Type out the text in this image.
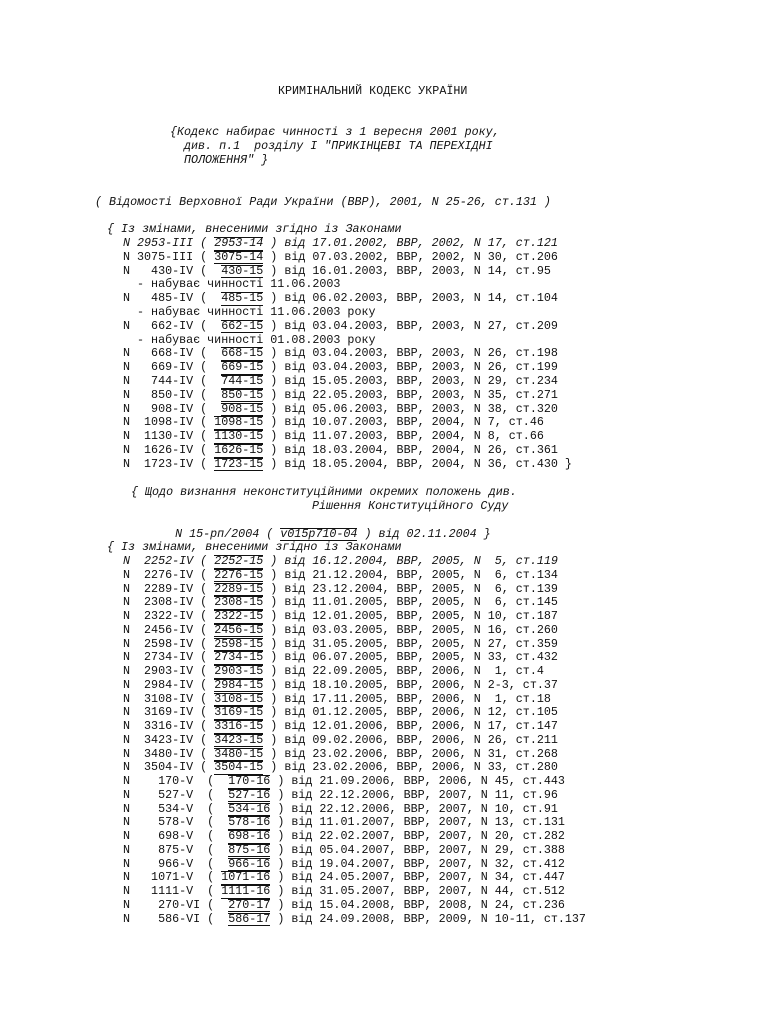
КРИМІНАЛЬНИЙ КОДЕКС УКРАЇНИ
{Кодекс набирає чинності з 1 вересня 2001 року,
див. п.1  розділу I "ПРИКІНЦЕВІ ТА ПЕРЕХІДНІ
ПОЛОЖЕННЯ" }
( Відомості Верховної Ради України (ВВР), 2001, N 25-26, ст.131 )
{ Із змінами, внесеними згідно із Законами
N 2953-III ( 2953-14 ) від 17.01.2002, ВВР, 2002, N 17, ст.121
N 3075-III ( 3075-14 ) від 07.03.2002, ВВР, 2002, N 30, ст.206
N   430-IV (  430-15 ) від 16.01.2003, ВВР, 2003, N 14, ст.95
- набуває чинності 11.06.2003
N   485-IV (  485-15 ) від 06.02.2003, ВВР, 2003, N 14, ст.104
- набуває чинності 11.06.2003 року
N   662-IV (  662-15 ) від 03.04.2003, ВВР, 2003, N 27, ст.209
- набуває чинності 01.08.2003 року
N   668-IV (  668-15 ) від 03.04.2003, ВВР, 2003, N 26, ст.198
N   669-IV (  669-15 ) від 03.04.2003, ВВР, 2003, N 26, ст.199
N   744-IV (  744-15 ) від 15.05.2003, ВВР, 2003, N 29, ст.234
N   850-IV (  850-15 ) від 22.05.2003, ВВР, 2003, N 35, ст.271
N   908-IV (  908-15 ) від 05.06.2003, ВВР, 2003, N 38, ст.320
N  1098-IV ( 1098-15 ) від 10.07.2003, ВВР, 2004, N 7, ст.46
N  1130-IV ( 1130-15 ) від 11.07.2003, ВВР, 2004, N 8, ст.66
N  1626-IV ( 1626-15 ) від 18.03.2004, ВВР, 2004, N 26, ст.361
N  1723-IV ( 1723-15 ) від 18.05.2004, ВВР, 2004, N 36, ст.430 }
{ Щодо визнання неконституційними окремих положень див.
Рішення Конституційного Суду

N 15-рп/2004 ( v015p710-04 ) від 02.11.2004 }

{ Із змінами, внесеними згідно із Законами
N  2252-IV ( 2252-15 ) від 16.12.2004, ВВР, 2005, N  5, ст.119
N  2276-IV ( 2276-15 ) від 21.12.2004, ВВР, 2005, N  6, ст.134
N  2289-IV ( 2289-15 ) від 23.12.2004, ВВР, 2005, N  6, ст.139
N  2308-IV ( 2308-15 ) від 11.01.2005, ВВР, 2005, N  6, ст.145
N  2322-IV ( 2322-15 ) від 12.01.2005, ВВР, 2005, N 10, ст.187
N  2456-IV ( 2456-15 ) від 03.03.2005, ВВР, 2005, N 16, ст.260
N  2598-IV ( 2598-15 ) від 31.05.2005, ВВР, 2005, N 27, ст.359
N  2734-IV ( 2734-15 ) від 06.07.2005, ВВР, 2005, N 33, ст.432
N  2903-IV ( 2903-15 ) від 22.09.2005, ВВР, 2006, N  1, ст.4
N  2984-IV ( 2984-15 ) від 18.10.2005, ВВР, 2006, N 2-3, ст.37
N  3108-IV ( 3108-15 ) від 17.11.2005, ВВР, 2006, N  1, ст.18
N  3169-IV ( 3169-15 ) від 01.12.2005, ВВР, 2006, N 12, ст.105
N  3316-IV ( 3316-15 ) від 12.01.2006, ВВР, 2006, N 17, ст.147
N  3423-IV ( 3423-15 ) від 09.02.2006, ВВР, 2006, N 26, ст.211
N  3480-IV ( 3480-15 ) від 23.02.2006, ВВР, 2006, N 31, ст.268
N  3504-IV ( 3504-15 ) від 23.02.2006, ВВР, 2006, N 33, ст.280
N    170-V  (  170-16 ) від 21.09.2006, ВВР, 2006, N 45, ст.443
N    527-V  (  527-16 ) від 22.12.2006, ВВР, 2007, N 11, ст.96
N    534-V  (  534-16 ) від 22.12.2006, ВВР, 2007, N 10, ст.91
N    578-V  (  578-16 ) від 11.01.2007, ВВР, 2007, N 13, ст.131
N    698-V  (  698-16 ) від 22.02.2007, ВВР, 2007, N 20, ст.282
N    875-V  (  875-16 ) від 05.04.2007, ВВР, 2007, N 29, ст.388
N    966-V  (  966-16 ) від 19.04.2007, ВВР, 2007, N 32, ст.412
N   1071-V  ( 1071-16 ) від 24.05.2007, ВВР, 2007, N 34, ст.447
N   1111-V  ( 1111-16 ) від 31.05.2007, ВВР, 2007, N 44, ст.512
N    270-VI (  270-17 ) від 15.04.2008, ВВР, 2008, N 24, ст.236
N    586-VI (  586-17 ) від 24.09.2008, ВВР, 2009, N 10-11, ст.137
